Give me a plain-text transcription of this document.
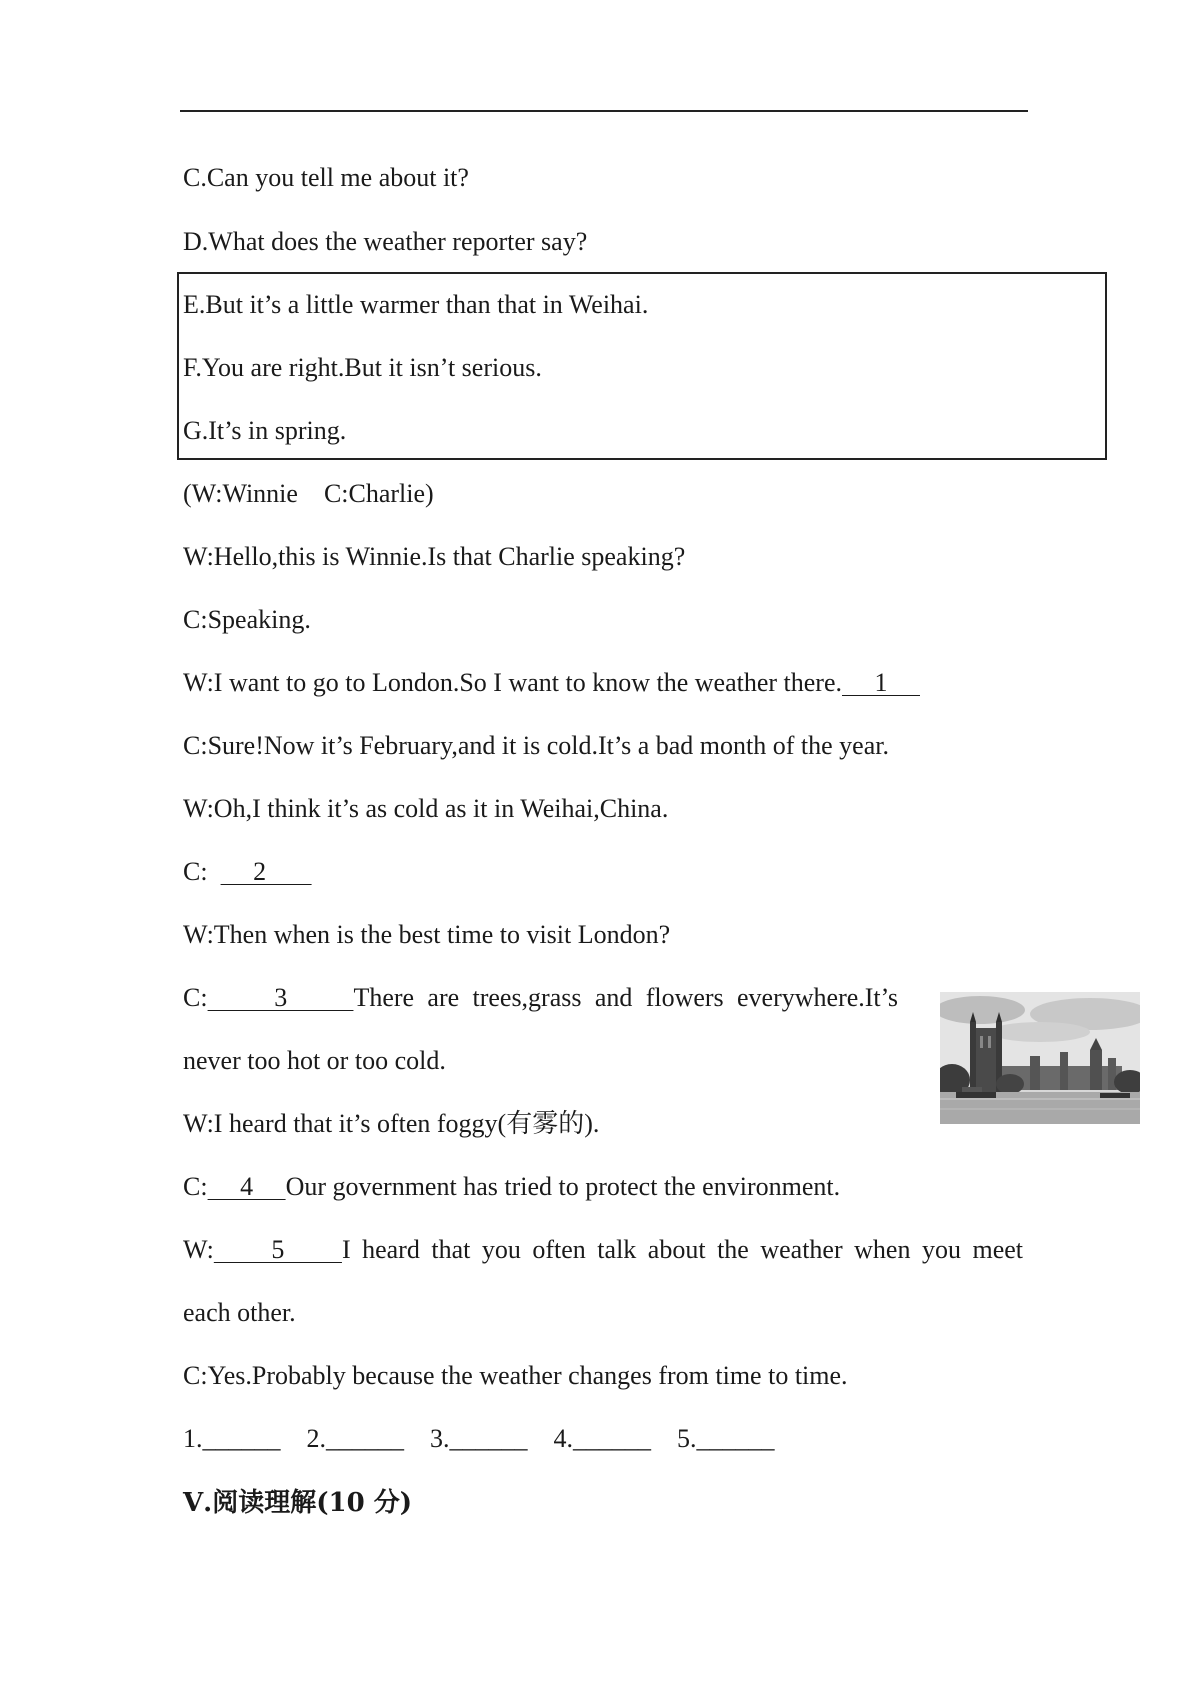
C.Can you tell me about it?
D.What does the weather reporter say?
E.But it’s a little warmer than that in Weihai.
F.You are right.But it isn’t serious.
G.It’s in spring.
(W:Winnie    C:Charlie)
W:Hello,this is Winnie.Is that Charlie speaking?
C:Speaking.
W:I want to go to London.So I want to know the weather there.     1
C:Sure!Now it’s February,and it is cold.It’s a bad month of the year.
W:Oh,I think it’s as cold as it in Weihai,China.
C:       2
W:Then when is the best time to visit London?
C:     3     There are trees,grass and flowers everywhere.It’s
never too hot or too cold.
W:I heard that it’s often foggy(有雾的).
C:     4     Our government has tried to protect the environment.
W:     5     I heard that you often talk about the weather when you meet
each other.
C:Yes.Probably because the weather changes from time to time.
1.______    2.______    3.______    4.______    5.______
Ⅴ.阅读理解(10 分)
